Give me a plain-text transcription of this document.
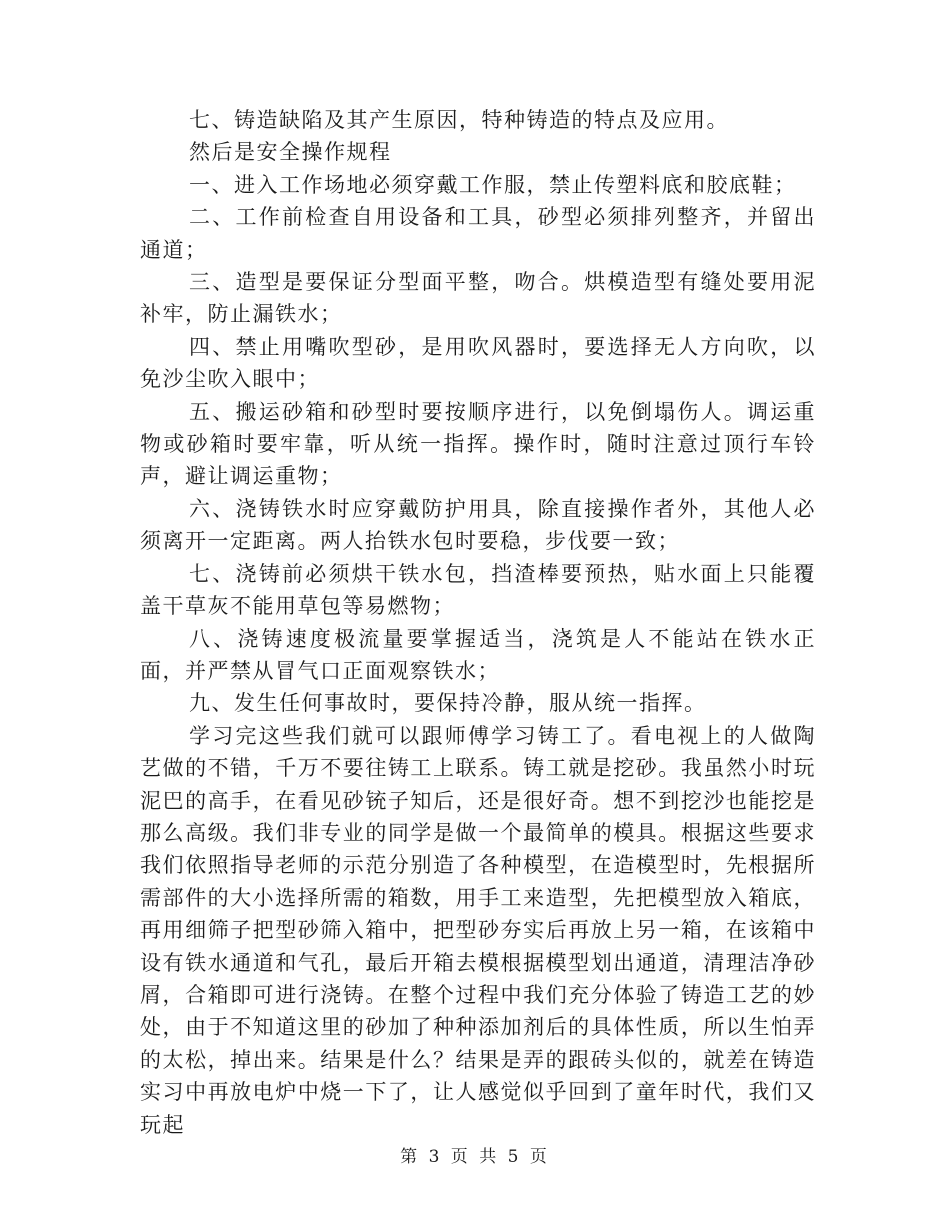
七、铸造缺陷及其产生原因，特种铸造的特点及应用。

然后是安全操作规程

一、进入工作场地必须穿戴工作服，禁止传塑料底和胶底鞋；

二、工作前检查自用设备和工具，砂型必须排列整齐，并留出通道；

三、造型是要保证分型面平整，吻合。烘模造型有缝处要用泥补牢，防止漏铁水；

四、禁止用嘴吹型砂，是用吹风器时，要选择无人方向吹，以免沙尘吹入眼中；

五、搬运砂箱和砂型时要按顺序进行，以免倒塌伤人。调运重物或砂箱时要牢靠，听从统一指挥。操作时，随时注意过顶行车铃声，避让调运重物；

六、浇铸铁水时应穿戴防护用具，除直接操作者外，其他人必须离开一定距离。两人抬铁水包时要稳，步伐要一致；

七、浇铸前必须烘干铁水包，挡渣棒要预热，贴水面上只能覆盖干草灰不能用草包等易燃物；

八、浇铸速度极流量要掌握适当，浇筑是人不能站在铁水正面，并严禁从冒气口正面观察铁水；

九、发生任何事故时，要保持冷静，服从统一指挥。

学习完这些我们就可以跟师傅学习铸工了。看电视上的人做陶艺做的不错，千万不要往铸工上联系。铸工就是挖砂。我虽然小时玩泥巴的高手，在看见砂铳子知后，还是很好奇。想不到挖沙也能挖是那么高级。我们非专业的同学是做一个最简单的模具。根据这些要求我们依照指导老师的示范分别造了各种模型，在造模型时，先根据所需部件的大小选择所需的箱数，用手工来造型，先把模型放入箱底，再用细筛子把型砂筛入箱中，把型砂夯实后再放上另一箱，在该箱中设有铁水通道和气孔，最后开箱去模根据模型划出通道，清理洁净砂屑，合箱即可进行浇铸。在整个过程中我们充分体验了铸造工艺的妙处，由于不知道这里的砂加了种种添加剂后的具体性质，所以生怕弄的太松，掉出来。结果是什么？结果是弄的跟砖头似的，就差在铸造实习中再放电炉中烧一下了，让人感觉似乎回到了童年时代，我们又玩起

第 3 页 共 5 页
